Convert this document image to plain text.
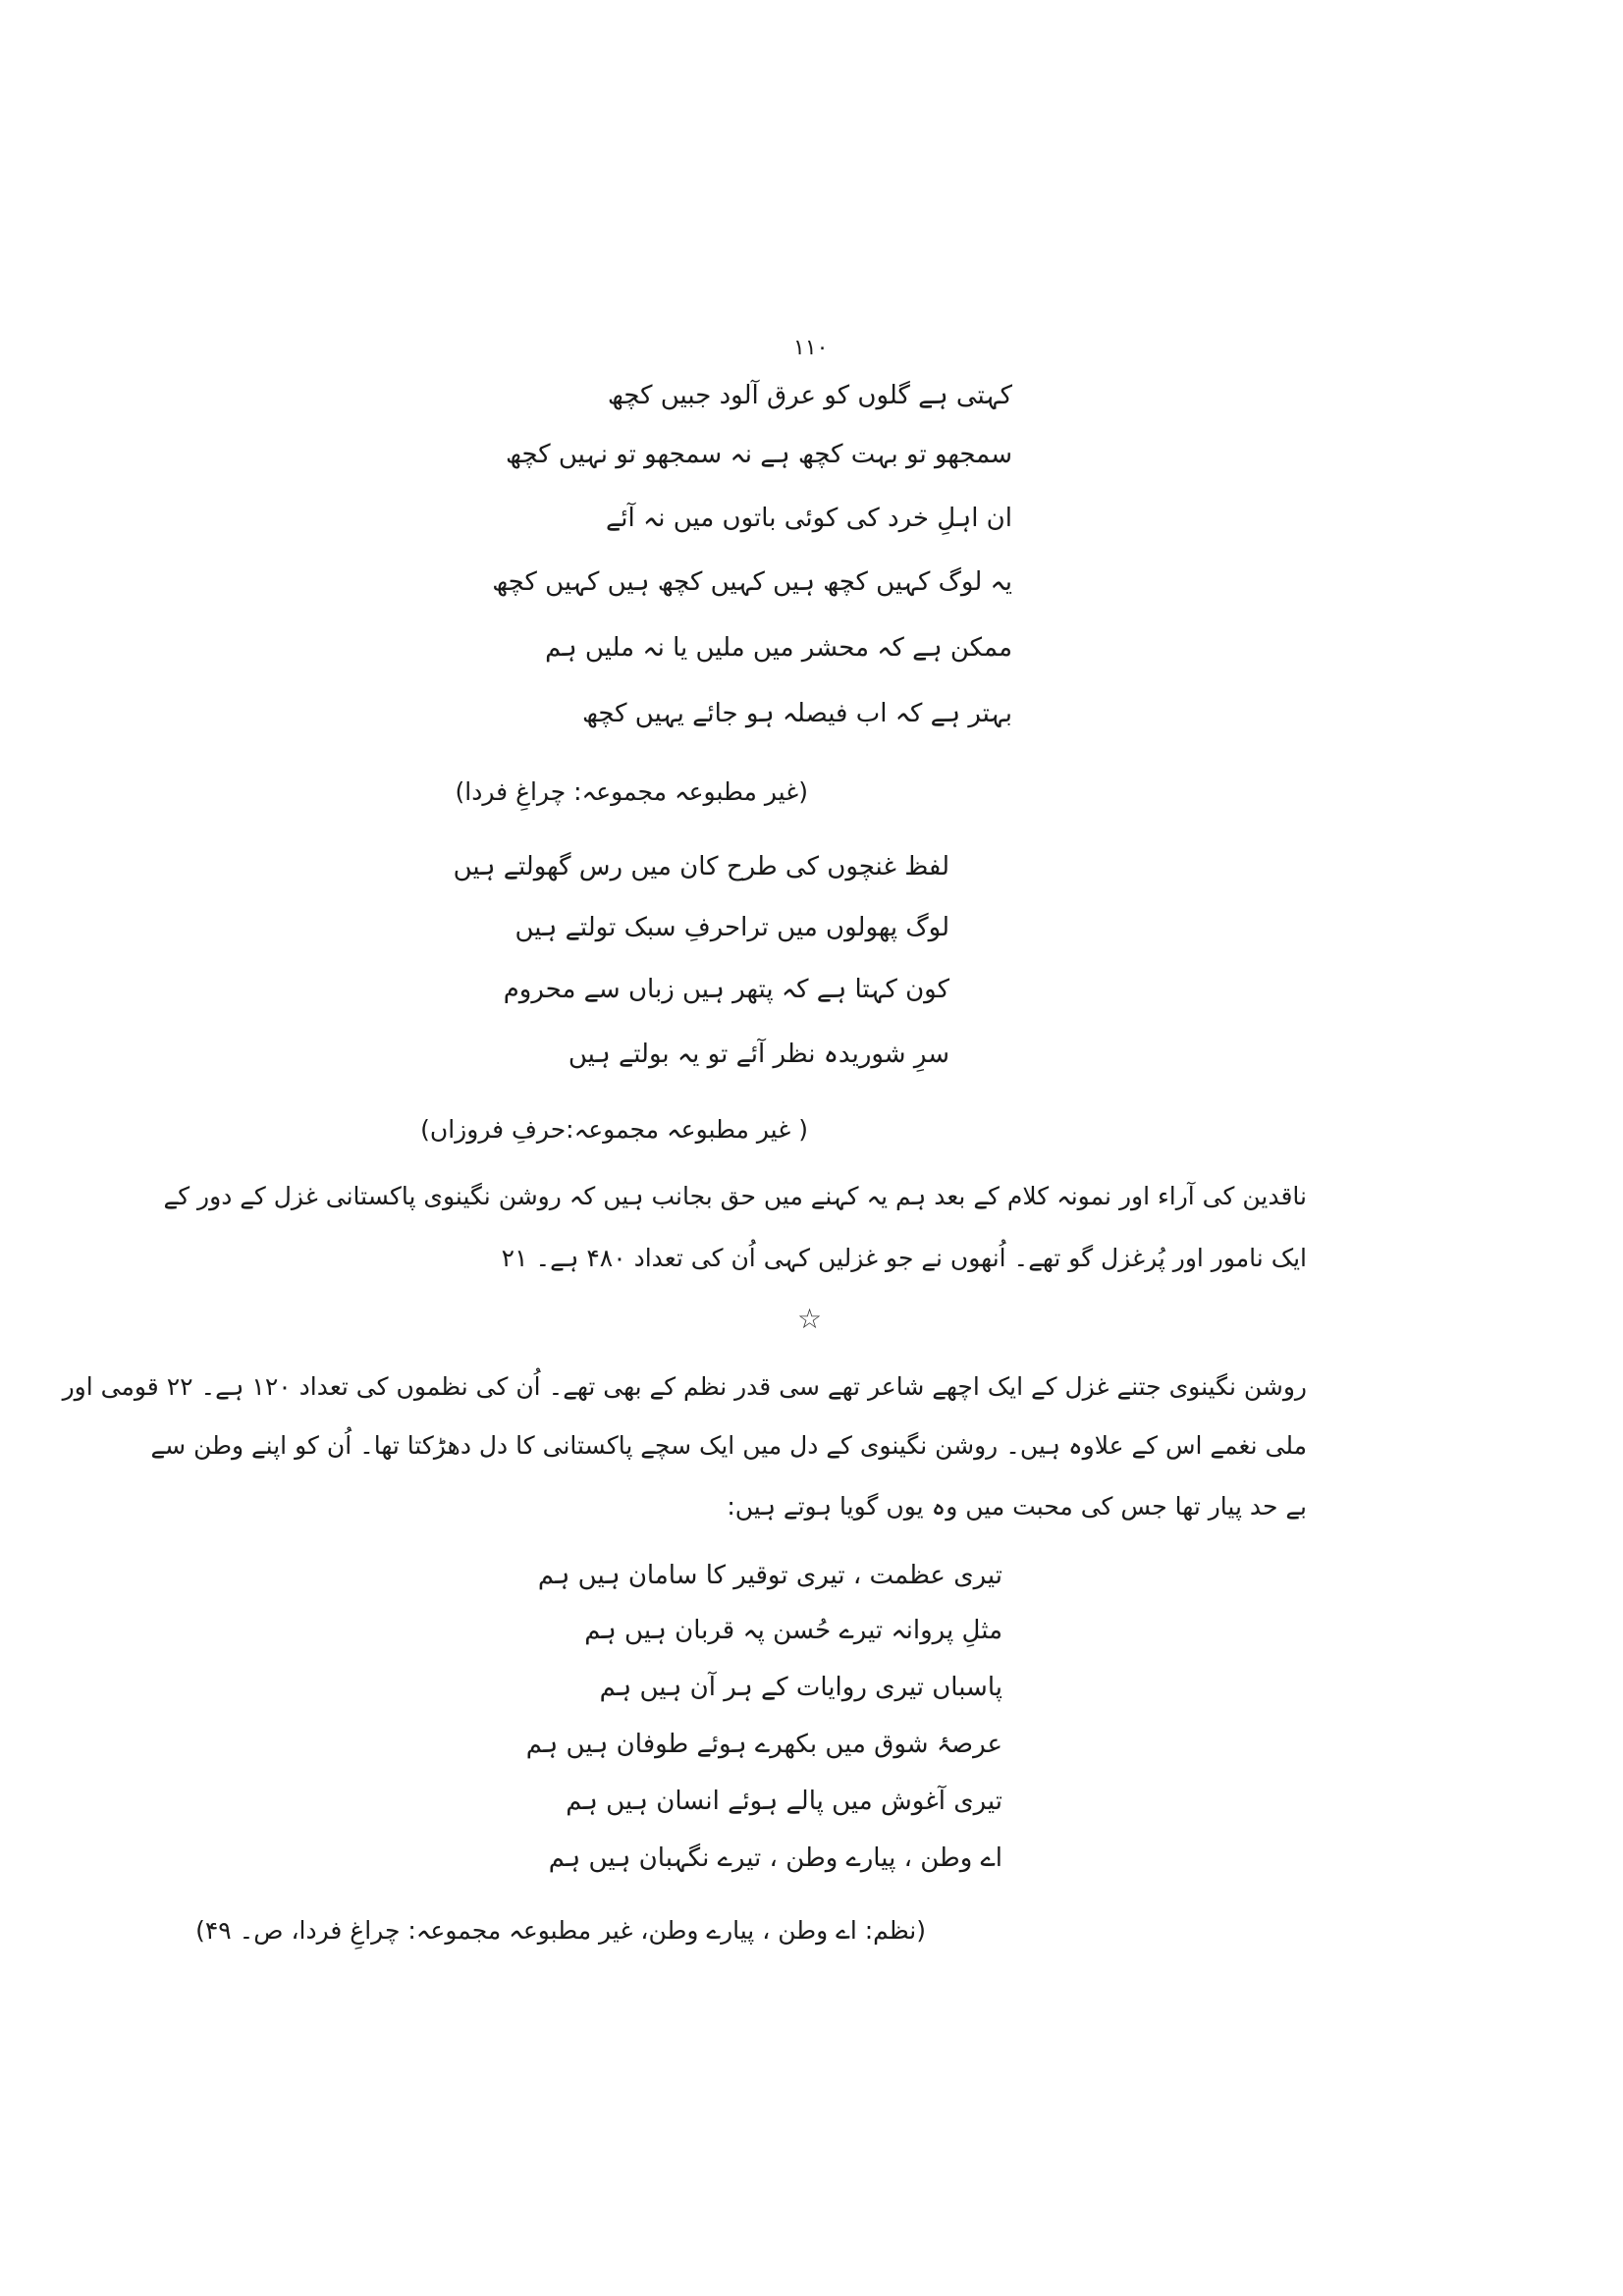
۱۱۰
کہتی ہے گلوں کو عرق آلود جبیں کچھ
سمجھو تو بہت کچھ ہے نہ سمجھو تو نہیں کچھ
ان اہلِ خرد کی کوئی باتوں میں نہ آئے
یہ لوگ کہیں کچھ ہیں کہیں کچھ ہیں کہیں کچھ
ممکن ہے کہ محشر میں ملیں یا نہ ملیں ہم
بہتر ہے کہ اب فیصلہ ہو جائے یہیں کچھ
(غیر مطبوعہ مجموعہ: چراغِ فردا)
لفظ غنچوں کی طرح کان میں رس گھولتے ہیں
لوگ پھولوں میں تراحرفِ سبک تولتے ہیں
کون کہتا ہے کہ پتھر ہیں زباں سے محروم
سرِ شوریدہ نظر آئے تو یہ بولتے ہیں
( غیر مطبوعہ مجموعہ:حرفِ فروزاں)
ناقدین کی آراء اور نمونہ کلام کے بعد ہم یہ کہنے میں حق بجانب ہیں کہ روشن نگینوی پاکستانی غزل کے دور کے
ایک نامور اور پُرغزل گو تھے۔ اُنھوں نے جو غزلیں کہی اُن کی تعداد ۴۸۰ ہے۔ ۲۱
☆
روشن نگینوی جتنے غزل کے ایک اچھے شاعر تھے سی قدر نظم کے بھی تھے۔ اُن کی نظموں کی تعداد ۱۲۰ ہے۔ ۲۲ قومی اور
ملی نغمے اس کے علاوہ ہیں۔ روشن نگینوی کے دل میں ایک سچے پاکستانی کا دل دھڑکتا تھا۔ اُن کو اپنے وطن سے
بے حد پیار تھا جس کی محبت میں وہ یوں گویا ہوتے ہیں:
تیری عظمت ، تیری توقیر کا سامان ہیں ہم
مثلِ پروانہ تیرے حُسن پہ قربان ہیں ہم
پاسباں تیری روایات کے ہر آن ہیں ہم
عرصۂ شوق میں بکھرے ہوئے طوفان ہیں ہم
تیری آغوش میں پالے ہوئے انسان ہیں ہم
اے وطن ، پیارے وطن ، تیرے نگہبان ہیں ہم
(نظم: اے وطن ، پیارے وطن، غیر مطبوعہ مجموعہ: چراغِ فردا، ص۔ ۴۹)
